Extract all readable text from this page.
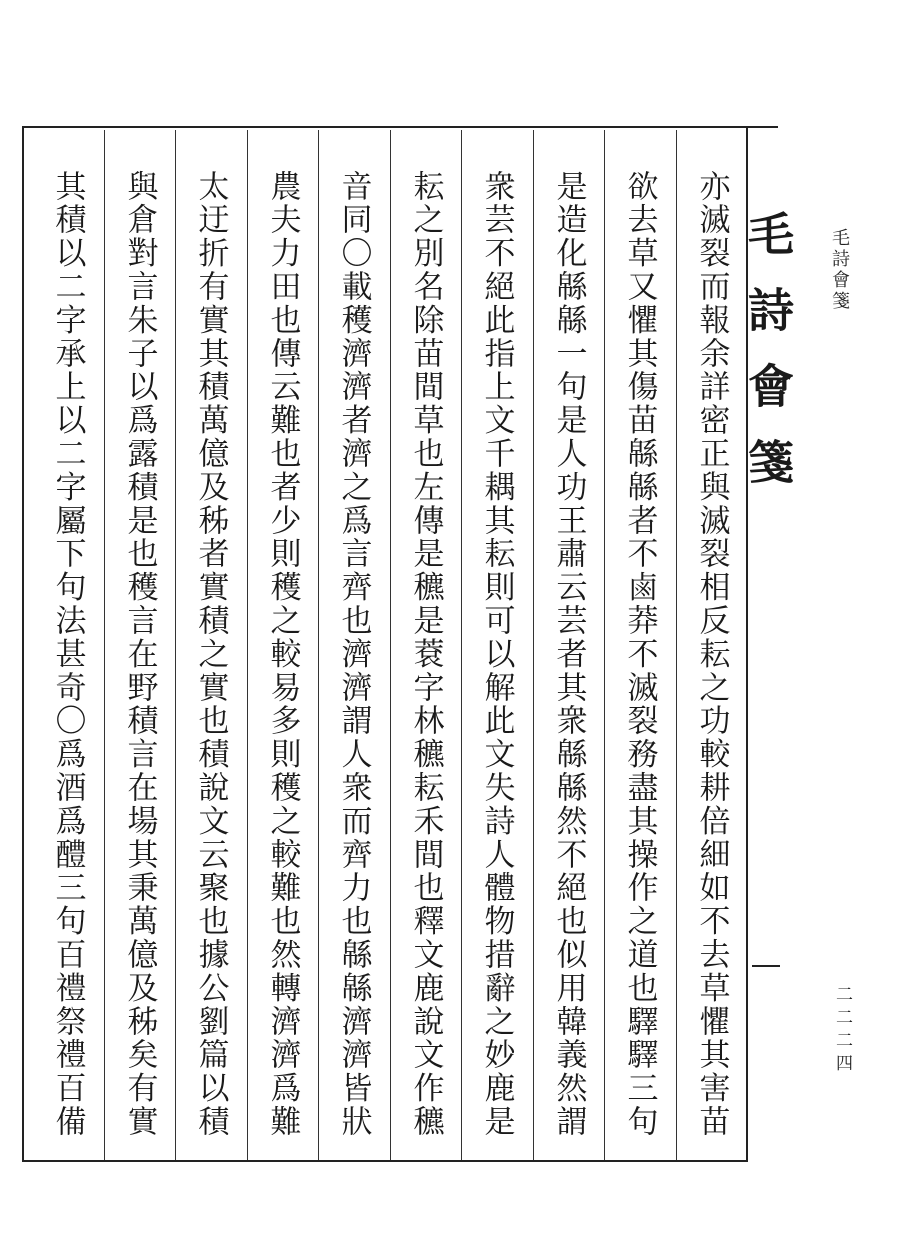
亦滅裂而報余詳密正與滅裂相反耘之功較耕倍細如不去草懼其害苗
欲去草又懼其傷苗緜緜者不鹵莽不滅裂務盡其操作之道也驛驛三句
是造化緜緜一句是人功王肅云芸者其衆緜緜然不絕也似用韓義然謂
衆芸不絕此指上文千耦其耘則可以解此文失詩人體物措辭之妙鹿是
耘之別名除苗間草也左傳是穮是蔉字林穮耘禾間也釋文鹿說文作穮
音同〇載穫濟濟者濟之爲言齊也濟濟謂人衆而齊力也緜緜濟濟皆狀
農夫力田也傳云難也者少則穫之較易多則穫之較難也然轉濟濟爲難
太迂折有實其積萬億及秭者實積之實也積說文云聚也據公劉篇以積
與倉對言朱子以爲露積是也穫言在野積言在場其秉萬億及秭矣有實
其積以二字承上以二字屬下句法甚奇〇爲酒爲醴三句百禮祭禮百備	毛詩會箋	毛詩會箋
二二二四
